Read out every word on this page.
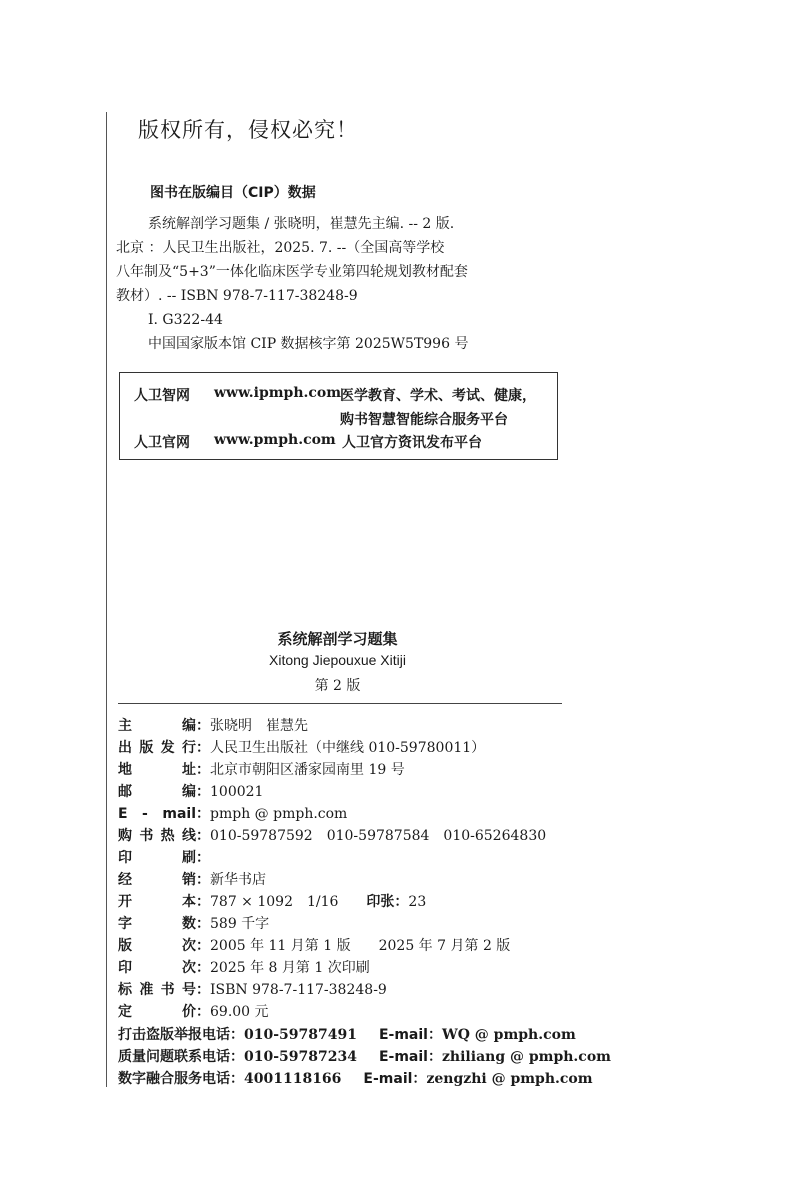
版权所有，侵权必究！
图书在版编目（CIP）数据
系统解剖学习题集 / 张晓明，崔慧先主编. -- 2 版.
北京 ：人民卫生出版社，2025. 7. --（全国高等学校
八年制及“5+3”一体化临床医学专业第四轮规划教材配套
教材）. -- ISBN 978-7-117-38248-9
Ⅰ. G322-44
中国国家版本馆 CIP 数据核字第 2025W5T996 号
人卫智网 www.ipmph.com
医学教育、学术、考试、健康，
购书智慧智能综合服务平台
人卫官网 www.pmph.com 人卫官方资讯发布平台
系统解剖学习题集
Xitong Jiepouxue Xitiji
第 2 版
主编：张晓明　崔慧先
出版发行：人民卫生出版社（中继线 010-59780011）
地址：北京市朝阳区潘家园南里 19 号
邮编：100021
E - mail：pmph @ pmph.com
购书热线：010-59787592　010-59787584　010-65264830
印刷：
经销：新华书店
开本：787 × 1092　1/16 印张：23
字数：589 千字
版次：2005 年 11 月第 1 版　　2025 年 7 月第 2 版
印次：2025 年 8 月第 1 次印刷
标准书号：ISBN 978-7-117-38248-9
定价：69.00 元
打击盗版举报电话：010-59787491 E-mail：WQ @ pmph.com
质量问题联系电话：010-59787234 E-mail：zhiliang @ pmph.com
数字融合服务电话：4001118166 E-mail：zengzhi @ pmph.com
